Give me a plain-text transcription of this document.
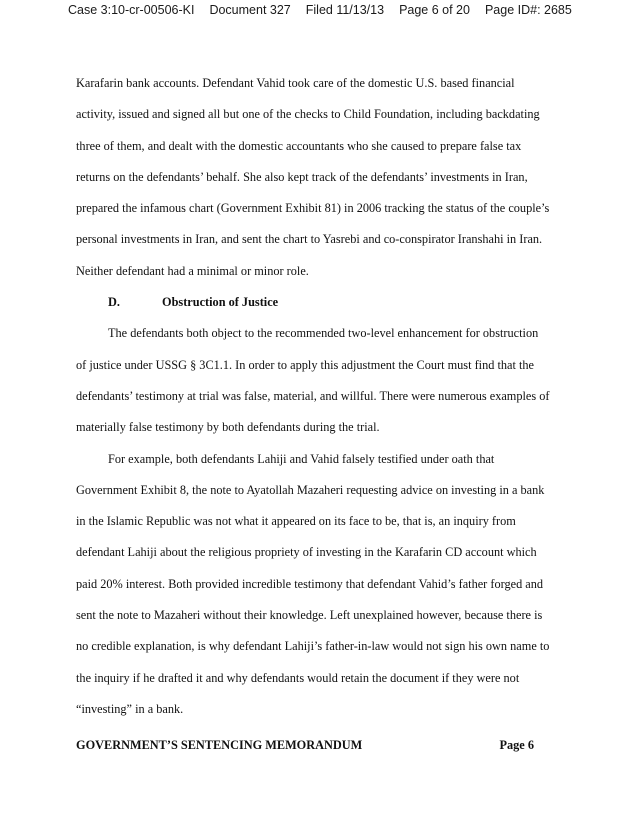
Case 3:10-cr-00506-KI Document 327 Filed 11/13/13 Page 6 of 20 Page ID#: 2685
Karafarin bank accounts. Defendant Vahid took care of the domestic U.S. based financial
activity, issued and signed all but one of the checks to Child Foundation, including backdating
three of them, and dealt with the domestic accountants who she caused to prepare false tax
returns on the defendants’ behalf. She also kept track of the defendants’ investments in Iran,
prepared the infamous chart (Government Exhibit 81) in 2006 tracking the status of the couple’s
personal investments in Iran, and sent the chart to Yasrebi and co-conspirator Iranshahi in Iran.
Neither defendant had a minimal or minor role.
D.	Obstruction of Justice
The defendants both object to the recommended two-level enhancement for obstruction
of justice under USSG § 3C1.1. In order to apply this adjustment the Court must find that the
defendants’ testimony at trial was false, material, and willful. There were numerous examples of
materially false testimony by both defendants during the trial.
For example, both defendants Lahiji and Vahid falsely testified under oath that
Government Exhibit 8, the note to Ayatollah Mazaheri requesting advice on investing in a bank
in the Islamic Republic was not what it appeared on its face to be, that is, an inquiry from
defendant Lahiji about the religious propriety of investing in the Karafarin CD account which
paid 20% interest. Both provided incredible testimony that defendant Vahid’s father forged and
sent the note to Mazaheri without their knowledge. Left unexplained however, because there is
no credible explanation, is why defendant Lahiji’s father-in-law would not sign his own name to
the inquiry if he drafted it and why defendants would retain the document if they were not
“investing” in a bank.
GOVERNMENT’S SENTENCING MEMORANDUM	Page 6
